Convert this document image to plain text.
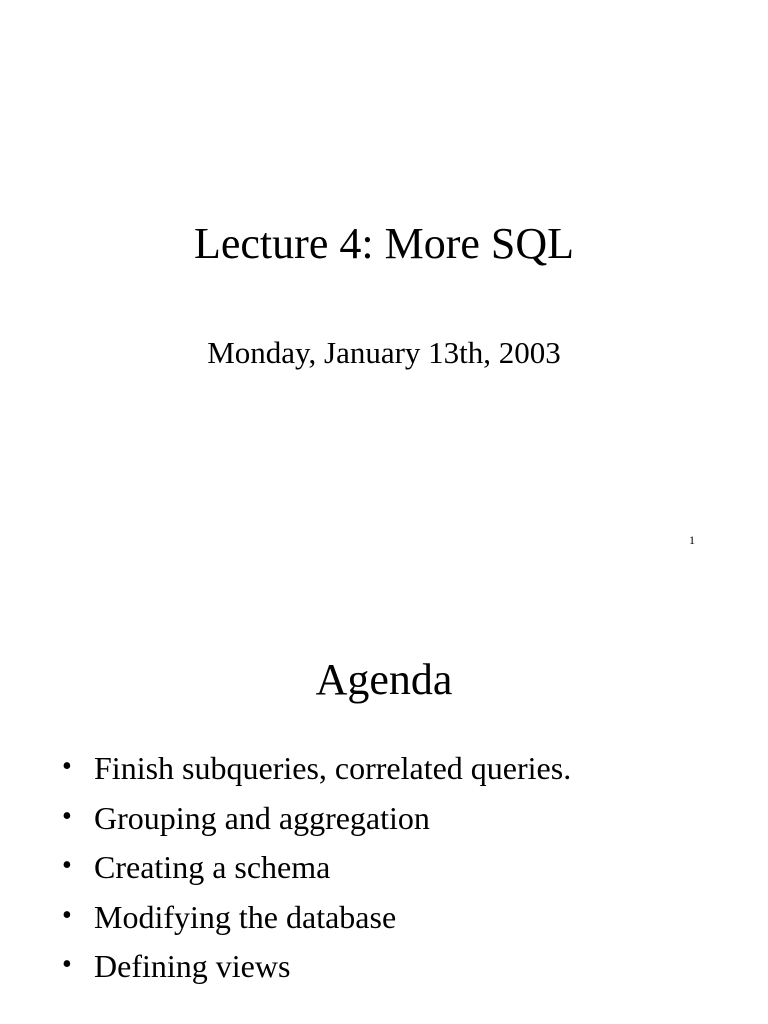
Lecture 4: More SQL
Monday, January 13th, 2003
1
Agenda
• Finish subqueries, correlated queries.
• Grouping and aggregation
• Creating a schema
• Modifying the database
• Defining views
